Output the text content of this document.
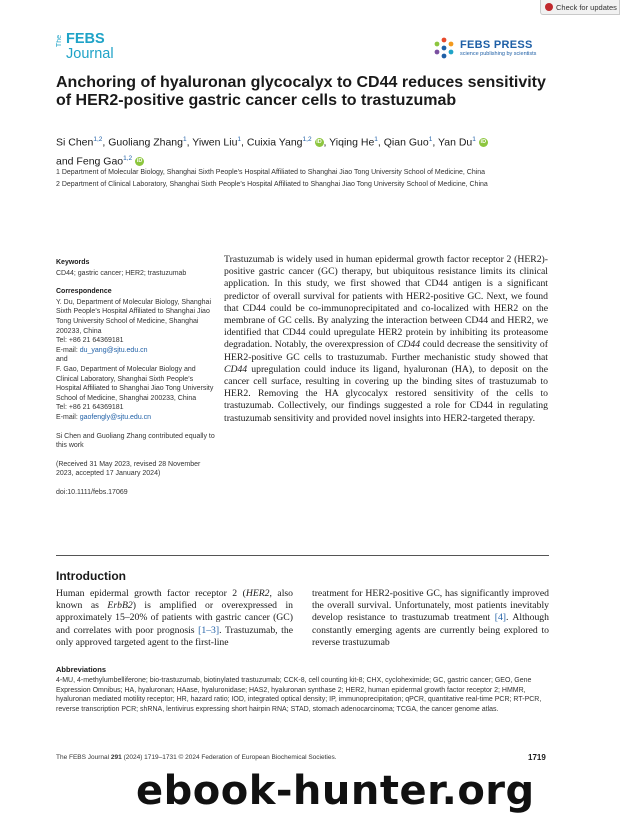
Check for updates
The FEBS
Journal
FEBS PRESS
science publishing by scientists
Anchoring of hyaluronan glycocalyx to CD44 reduces sensitivity of HER2-positive gastric cancer cells to trastuzumab
Si Chen$^{1,2}$, Guoliang Zhang$^1$, Yiwen Liu$^1$, Cuixia Yang$^{1,2}$ iD , Yiqing He$^1$, Qian Guo$^1$, Yan Du$^1$ iD
and Feng Gao$^{1,2}$ iD
1 Department of Molecular Biology, Shanghai Sixth People’s Hospital Affiliated to Shanghai Jiao Tong University School of Medicine, China
2 Department of Clinical Laboratory, Shanghai Sixth People’s Hospital Affiliated to Shanghai Jiao Tong University School of Medicine, China
Keywords
CD44; gastric cancer; HER2; trastuzumab
Correspondence
Y. Du, Department of Molecular Biology, Shanghai Sixth People’s Hospital Affiliated to Shanghai Jiao Tong University School of Medicine, Shanghai 200233, China
Tel: +86 21 64369181
E-mail: du_yang@sjtu.edu.cn
and
F. Gao, Department of Molecular Biology and Clinical Laboratory, Shanghai Sixth People’s Hospital Affiliated to Shanghai Jiao Tong University School of Medicine, Shanghai 200233, China
Tel: +86 21 64369181
E-mail: gaofengly@sjtu.edu.cn
Si Chen and Guoliang Zhang contributed equally to this work
(Received 31 May 2023, revised 28 November 2023, accepted 17 January 2024)
doi:10.1111/febs.17069
Trastuzumab is widely used in human epidermal growth factor receptor 2 (HER2)-positive gastric cancer (GC) therapy, but ubiquitous resistance limits its clinical application. In this study, we first showed that CD44 antigen is a significant predictor of overall survival for patients with HER2-positive GC. Next, we found that CD44 could be co-immunoprecipitated and co-localized with HER2 on the membrane of GC cells. By analyzing the interaction between CD44 and HER2, we identified that CD44 could upregulate HER2 protein by inhibiting its proteasome degradation. Notably, the overexpression of CD44 could decrease the sensitivity of HER2-positive GC cells to trastuzumab. Further mechanistic study showed that CD44 upregulation could induce its ligand, hyaluronan (HA), to deposit on the cancer cell surface, resulting in covering up the binding sites of trastuzumab to HER2. Removing the HA glycocalyx restored sensitivity of the cells to trastuzumab. Collectively, our findings suggested a role for CD44 in regulating trastuzumab sensitivity and provided novel insights into HER2-targeted therapy.
Introduction
Human epidermal growth factor receptor 2 (HER2, also known as ErbB2) is amplified or overexpressed in approximately 15–20% of patients with gastric cancer (GC) and correlates with poor prognosis [1–3]. Trastuzumab, the only approved targeted agent to the first-line
treatment for HER2-positive GC, has significantly improved the overall survival. Unfortunately, most patients inevitably develop resistance to trastuzumab treatment [4]. Although constantly emerging agents are currently being explored to reverse trastuzumab
Abbreviations
4-MU, 4-methylumbelliferone; bio-trastuzumab, biotinylated trastuzumab; CCK-8, cell counting kit-8; CHX, cycloheximide; GC, gastric cancer; GEO, Gene Expression Omnibus; HA, hyaluronan; HAase, hyaluronidase; HAS2, hyaluronan synthase 2; HER2, human epidermal growth factor receptor 2; HMMR, hyaluronan mediated motility receptor; HR, hazard ratio; IOD, integrated optical density; IP, immunoprecipitation; qPCR, quantitative real-time PCR; RT-PCR, reverse transcription PCR; shRNA, lentivirus expressing short hairpin RNA; STAD, stomach adenocarcinoma; TCGA, the cancer genome atlas.
The FEBS Journal 291 (2024) 1719–1731 © 2024 Federation of European Biochemical Societies.	1719
ebook-hunter.org
